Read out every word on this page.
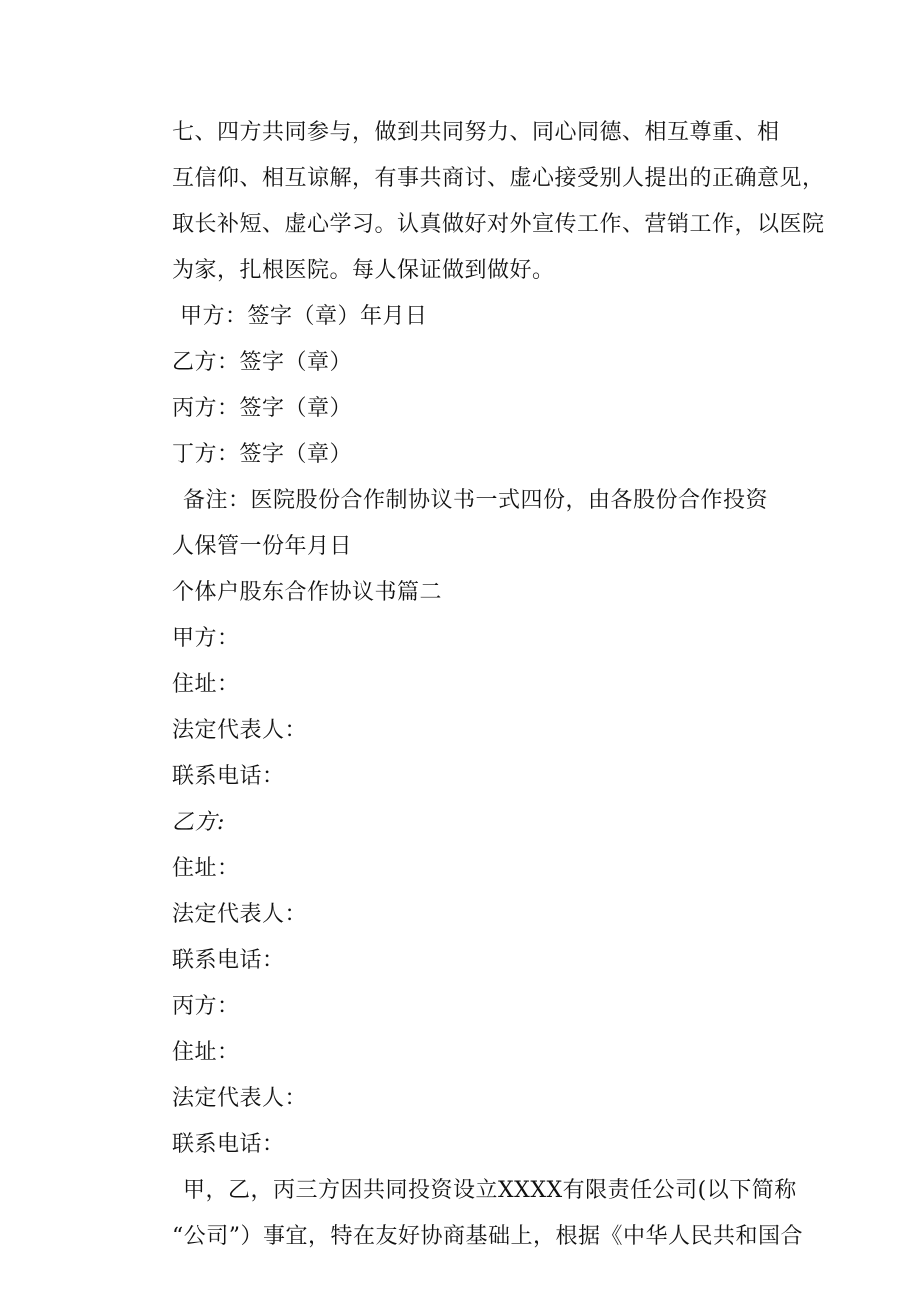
七、四方共同参与，做到共同努力、同心同德、相互尊重、相

互信仰、相互谅解，有事共商讨、虚心接受别人提出的正确意见，

取长补短、虚心学习。认真做好对外宣传工作、营销工作，以医院

为家，扎根医院。每人保证做到做好。

甲方：签字（章）年月日

乙方：签字（章）

丙方：签字（章）

丁方：签字（章）

备注：医院股份合作制协议书一式四份，由各股份合作投资

人保管一份年月日

个体户股东合作协议书篇二

甲方：

住址：

法定代表人：

联系电话：

乙方:

住址：

法定代表人：

联系电话：

丙方：

住址：

法定代表人：

联系电话：

甲，乙，丙三方因共同投资设立XXXX有限责任公司(以下简称

“公司”）事宜，特在友好协商基础上，根据《中华人民共和国合
